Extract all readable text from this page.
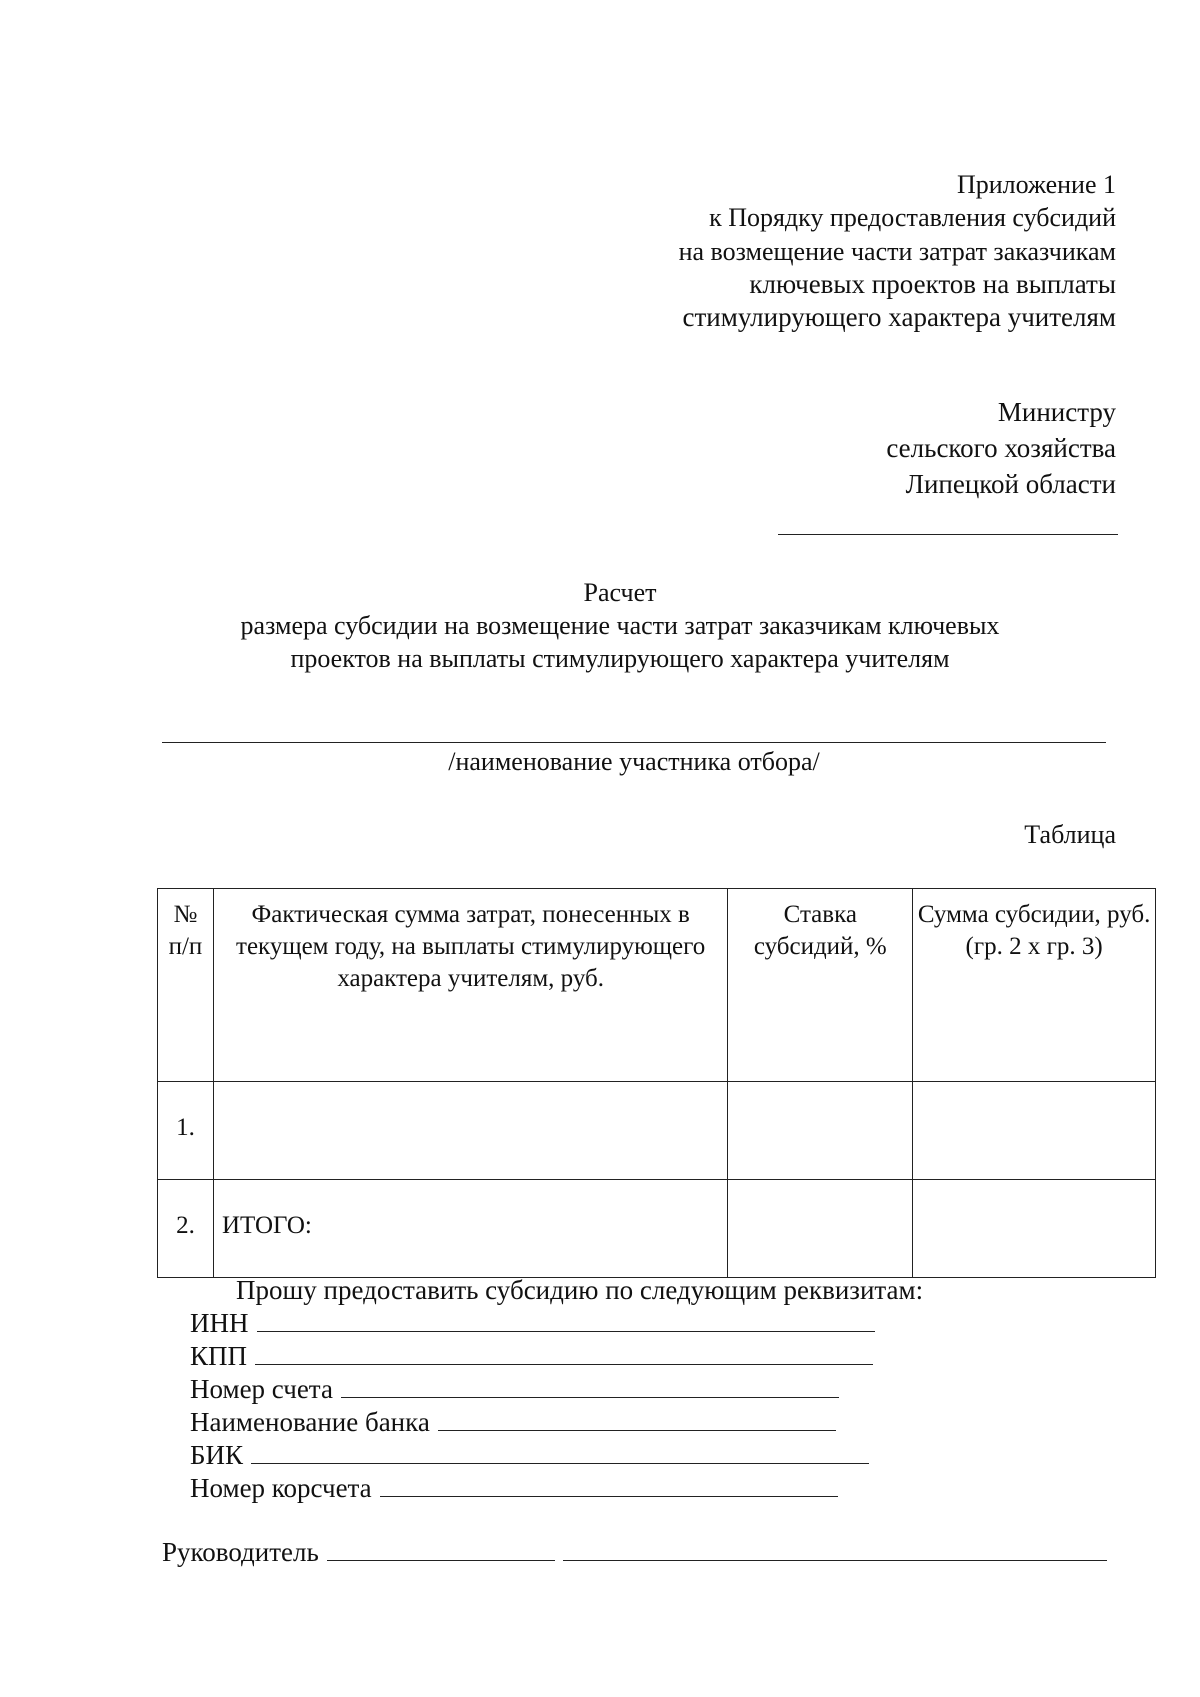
Приложение 1
к Порядку предоставления субсидий
на возмещение части затрат заказчикам
ключевых проектов на выплаты
стимулирующего характера учителям
Министру
сельского хозяйства
Липецкой области
Расчет
размера субсидии на возмещение части затрат заказчикам ключевых
проектов на выплаты стимулирующего характера учителям
/наименование участника отбора/
Таблица
№ п/п	Фактическая сумма затрат, понесенных в текущем году, на выплаты стимулирующего характера учителям, руб.	Ставка субсидий, %	Сумма субсидии, руб. (гр. 2 х гр. 3)
1.			
2.	ИТОГО:		
Прошу предоставить субсидию по следующим реквизитам:
ИНН
КПП
Номер счета
Наименование банка
БИК
Номер корсчета
Руководитель
